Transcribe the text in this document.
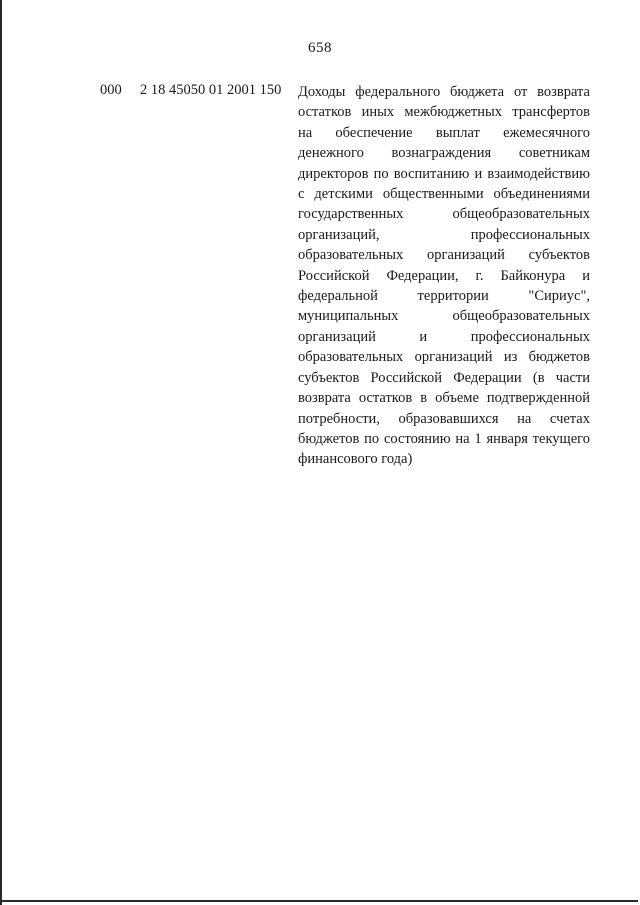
658
000 2 18 45050 01 2001 150 Доходы федерального бюджета от возврата
остатков иных межбюджетных трансфертов
на обеспечение выплат ежемесячного
денежного вознаграждения советникам
директоров по воспитанию и взаимодействию
с детскими общественными объединениями
государственных общеобразовательных
организаций, профессиональных
образовательных организаций субъектов
Российской Федерации, г. Байконура и
федеральной территории "Сириус",
муниципальных общеобразовательных
организаций и профессиональных
образовательных организаций из бюджетов
субъектов Российской Федерации (в части
возврата остатков в объеме подтвержденной
потребности, образовавшихся на счетах
бюджетов по состоянию на 1 января текущего
финансового года)
